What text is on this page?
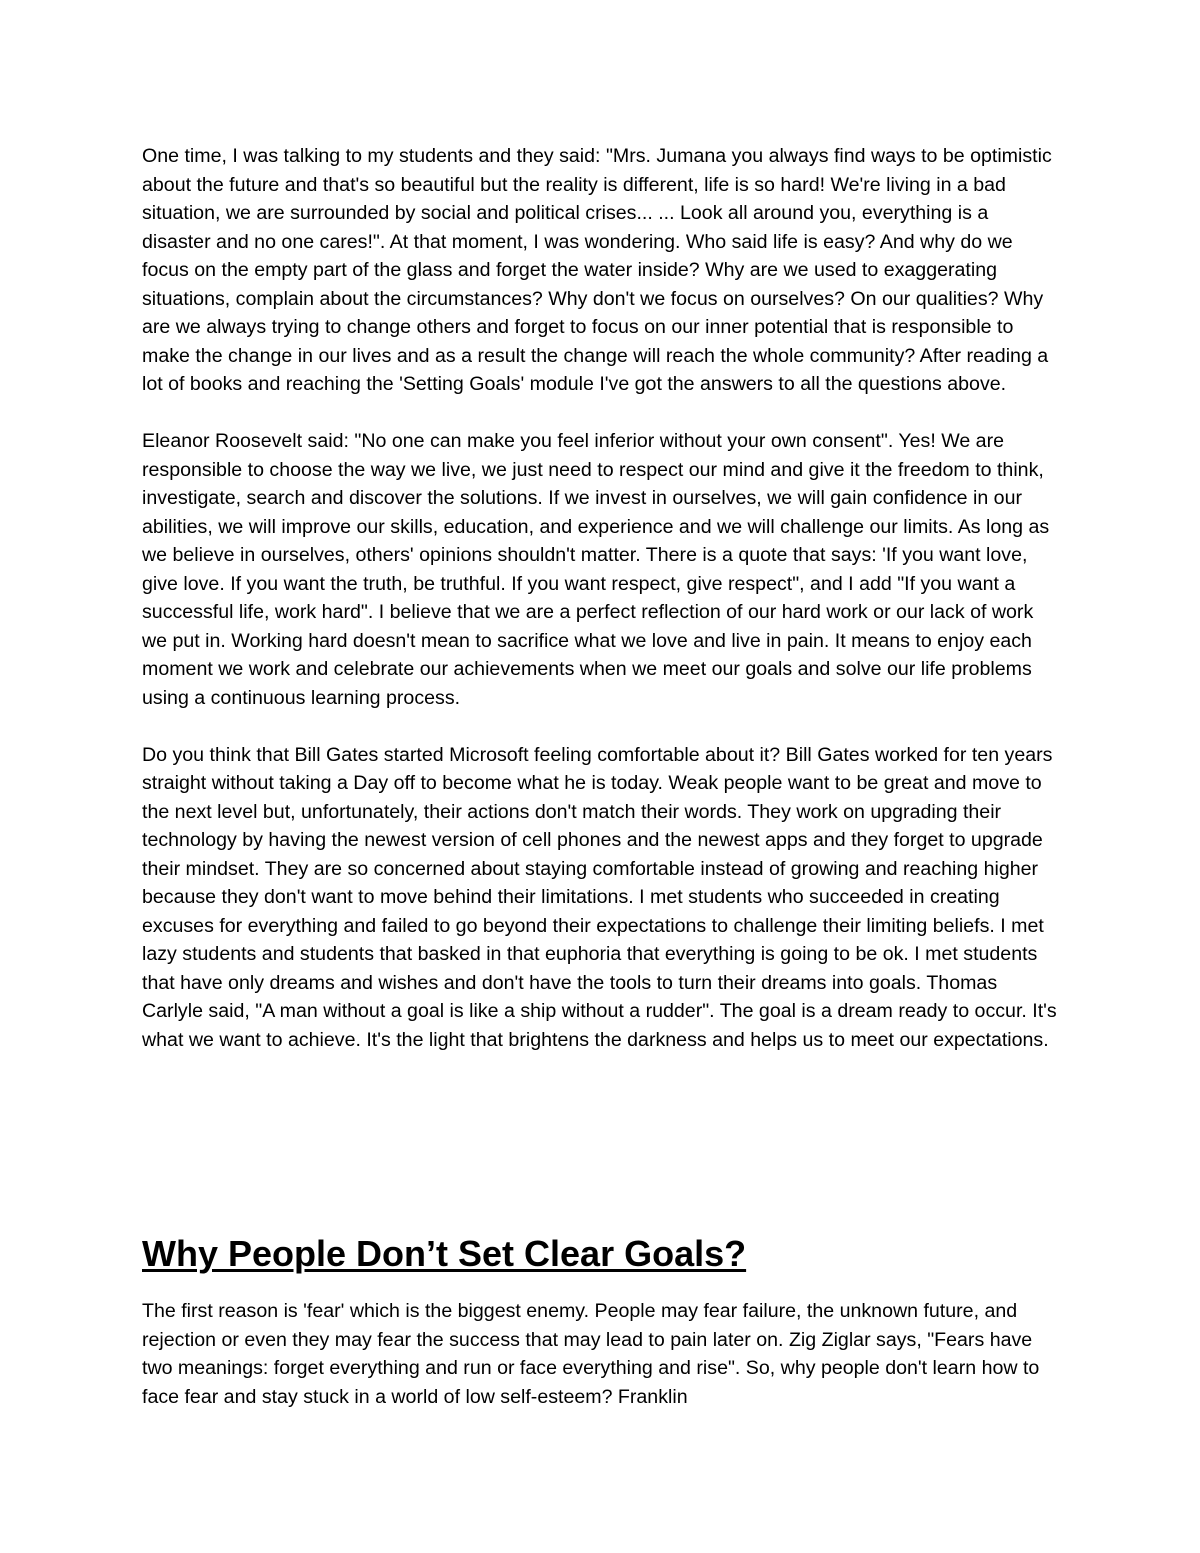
One time, I was talking to my students and they said: "Mrs. Jumana you always find ways to be optimistic about the future and that's so beautiful but the reality is different, life is so hard! We're living in a bad situation, we are surrounded by social and political crises... ... Look all around you, everything is a disaster and no one cares!". At that moment, I was wondering. Who said life is easy? And why do we focus on the empty part of the glass and forget the water inside? Why are we used to exaggerating situations, complain about the circumstances? Why don't we focus on ourselves? On our qualities? Why are we always trying to change others and forget to focus on our inner potential that is responsible to make the change in our lives and as a result the change will reach the whole community? After reading a lot of books and reaching the 'Setting Goals' module I've got the answers to all the questions above.

Eleanor Roosevelt said: "No one can make you feel inferior without your own consent". Yes! We are responsible to choose the way we live, we just need to respect our mind and give it the freedom to think, investigate, search and discover the solutions. If we invest in ourselves, we will gain confidence in our abilities, we will improve our skills, education, and experience and we will challenge our limits. As long as we believe in ourselves, others' opinions shouldn't matter. There is a quote that says: 'If you want love, give love. If you want the truth, be truthful. If you want respect, give respect", and I add "If you want a successful life, work hard". I believe that we are a perfect reflection of our hard work or our lack of work we put in. Working hard doesn't mean to sacrifice what we love and live in pain. It means to enjoy each moment we work and celebrate our achievements when we meet our goals and solve our life problems using a continuous learning process.

Do you think that Bill Gates started Microsoft feeling comfortable about it? Bill Gates worked for ten years straight without taking a Day off to become what he is today. Weak people want to be great and move to the next level but, unfortunately, their actions don't match their words. They work on upgrading their technology by having the newest version of cell phones and the newest apps and they forget to upgrade their mindset. They are so concerned about staying comfortable instead of growing and reaching higher because they don't want to move behind their limitations. I met students who succeeded in creating excuses for everything and failed to go beyond their expectations to challenge their limiting beliefs. I met lazy students and students that basked in that euphoria that everything is going to be ok. I met students that have only dreams and wishes and don't have the tools to turn their dreams into goals. Thomas Carlyle said, "A man without a goal is like a ship without a rudder". The goal is a dream ready to occur. It's what we want to achieve. It's the light that brightens the darkness and helps us to meet our expectations.

Why People Don’t Set Clear Goals?

The first reason is 'fear' which is the biggest enemy. People may fear failure, the unknown future, and rejection or even they may fear the success that may lead to pain later on. Zig Ziglar says, "Fears have two meanings: forget everything and run or face everything and rise". So, why people don't learn how to face fear and stay stuck in a world of low self-esteem? Franklin
